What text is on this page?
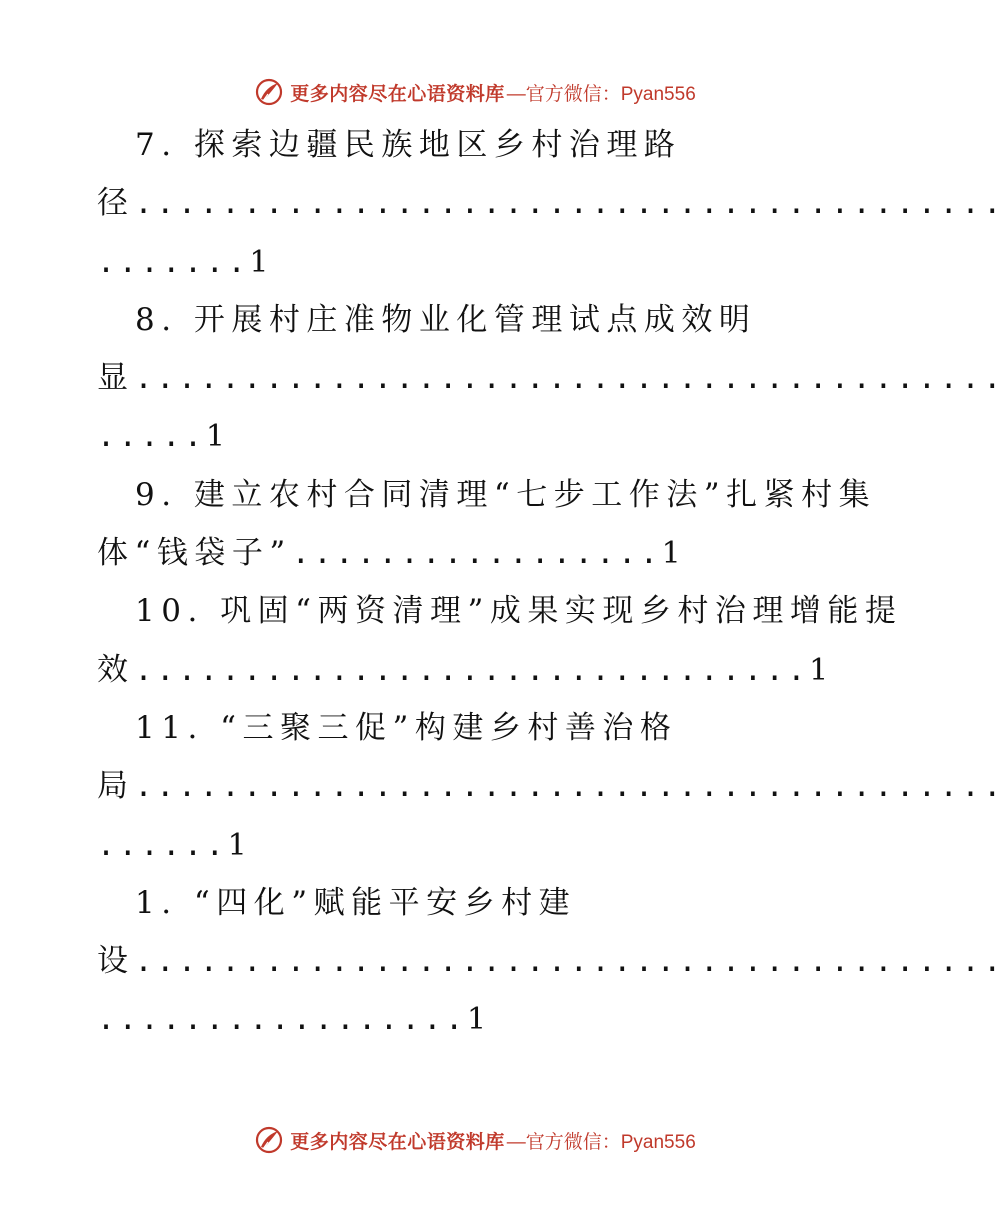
更多内容尽在心语资料库 —官方微信：Pyan556
7. 探索边疆民族地区乡村治理路
径........................................
.......1
8. 开展村庄准物业化管理试点成效明
显........................................
.....1
9. 建立农村合同清理“七步工作法”扎紧村集
体“钱袋子”.................1
10. 巩固“两资清理”成果实现乡村治理增能提
效...............................1
11. “三聚三促”构建乡村善治格
局........................................
......1
1. “四化”赋能平安乡村建
设........................................
.................1
更多内容尽在心语资料库 —官方微信：Pyan556
